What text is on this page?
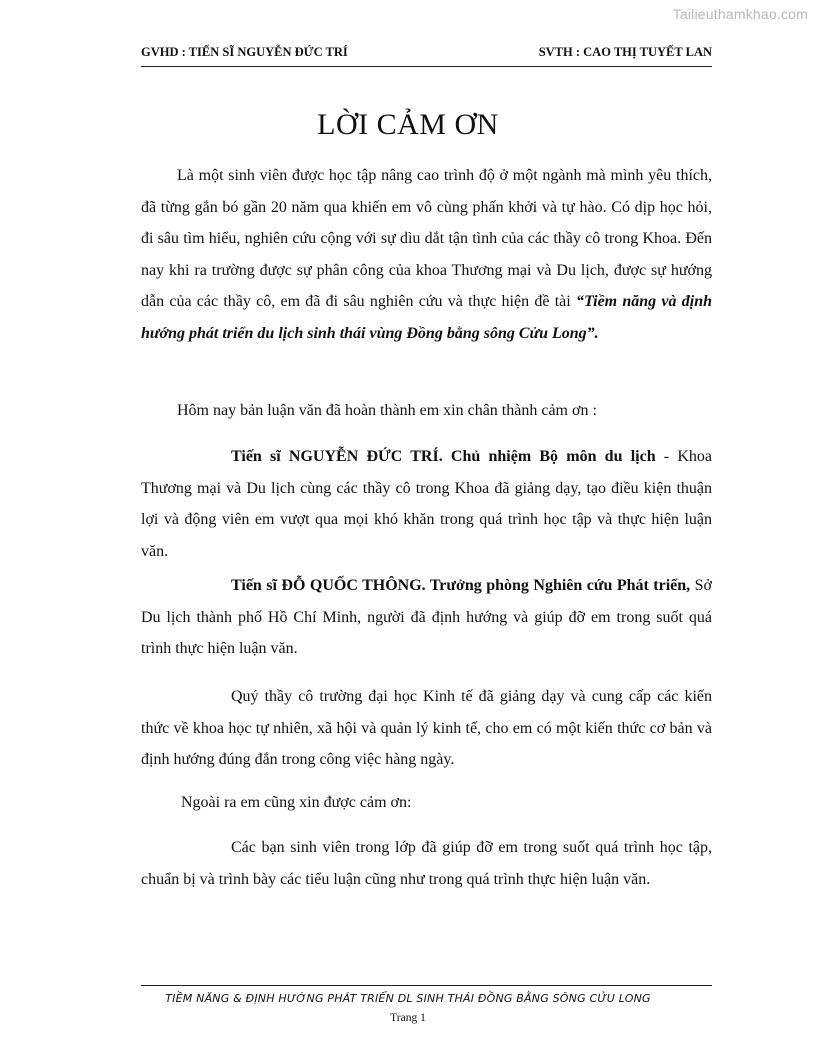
Tailieuthamkhao.com
GVHD : TIẾN SĨ NGUYỄN ĐỨC TRÍ	SVTH : CAO THỊ TUYẾT LAN
LỜI CẢM ƠN

Là một sinh viên được học tập nâng cao trình độ ở một ngành mà mình yêu thích, đã từng gắn bó gần 20 năm qua khiến em vô cùng phấn khởi và tự hào. Có dịp học hỏi, đi sâu tìm hiểu, nghiên cứu cộng với sự dìu dắt tận tình của các thầy cô trong Khoa. Đến nay khi ra trường được sự phân công của khoa Thương mại và Du lịch, được sự hướng dẫn của các thầy cô, em đã đi sâu nghiên cứu và thực hiện đề tài “Tiềm năng và định hướng phát triển du lịch sinh thái vùng Đồng bằng sông Cửu Long”.

Hôm nay bản luận văn đã hoàn thành em xin chân thành cảm ơn :

Tiến sĩ NGUYỄN ĐỨC TRÍ. Chủ nhiệm Bộ môn du lịch - Khoa Thương mại và Du lịch cùng các thầy cô trong Khoa đã giảng dạy, tạo điều kiện thuận lợi và động viên em vượt qua mọi khó khăn trong quá trình học tập và thực hiện luận văn.

Tiến sĩ ĐỖ QUỐC THÔNG. Trưởng phòng Nghiên cứu Phát triển, Sở Du lịch thành phố Hồ Chí Minh, người đã định hướng và giúp đỡ em trong suốt quá trình thực hiện luận văn.

Quý thầy cô trường đại học Kinh tế đã giảng dạy và cung cấp các kiến thức về khoa học tự nhiên, xã hội và quản lý kinh tế, cho em có một kiến thức cơ bản và định hướng đúng đắn trong công việc hàng ngày.

Ngoài ra em cũng xin được cảm ơn:

Các bạn sinh viên trong lớp đã giúp đỡ em trong suốt quá trình học tập, chuẩn bị và trình bày các tiểu luận cũng như trong quá trình thực hiện luận văn.

TIỀM NĂNG & ĐỊNH HƯỚNG PHÁT TRIỂN DL SINH THÁI ĐỒNG BẰNG SÔNG CỬU LONG
Trang 1
